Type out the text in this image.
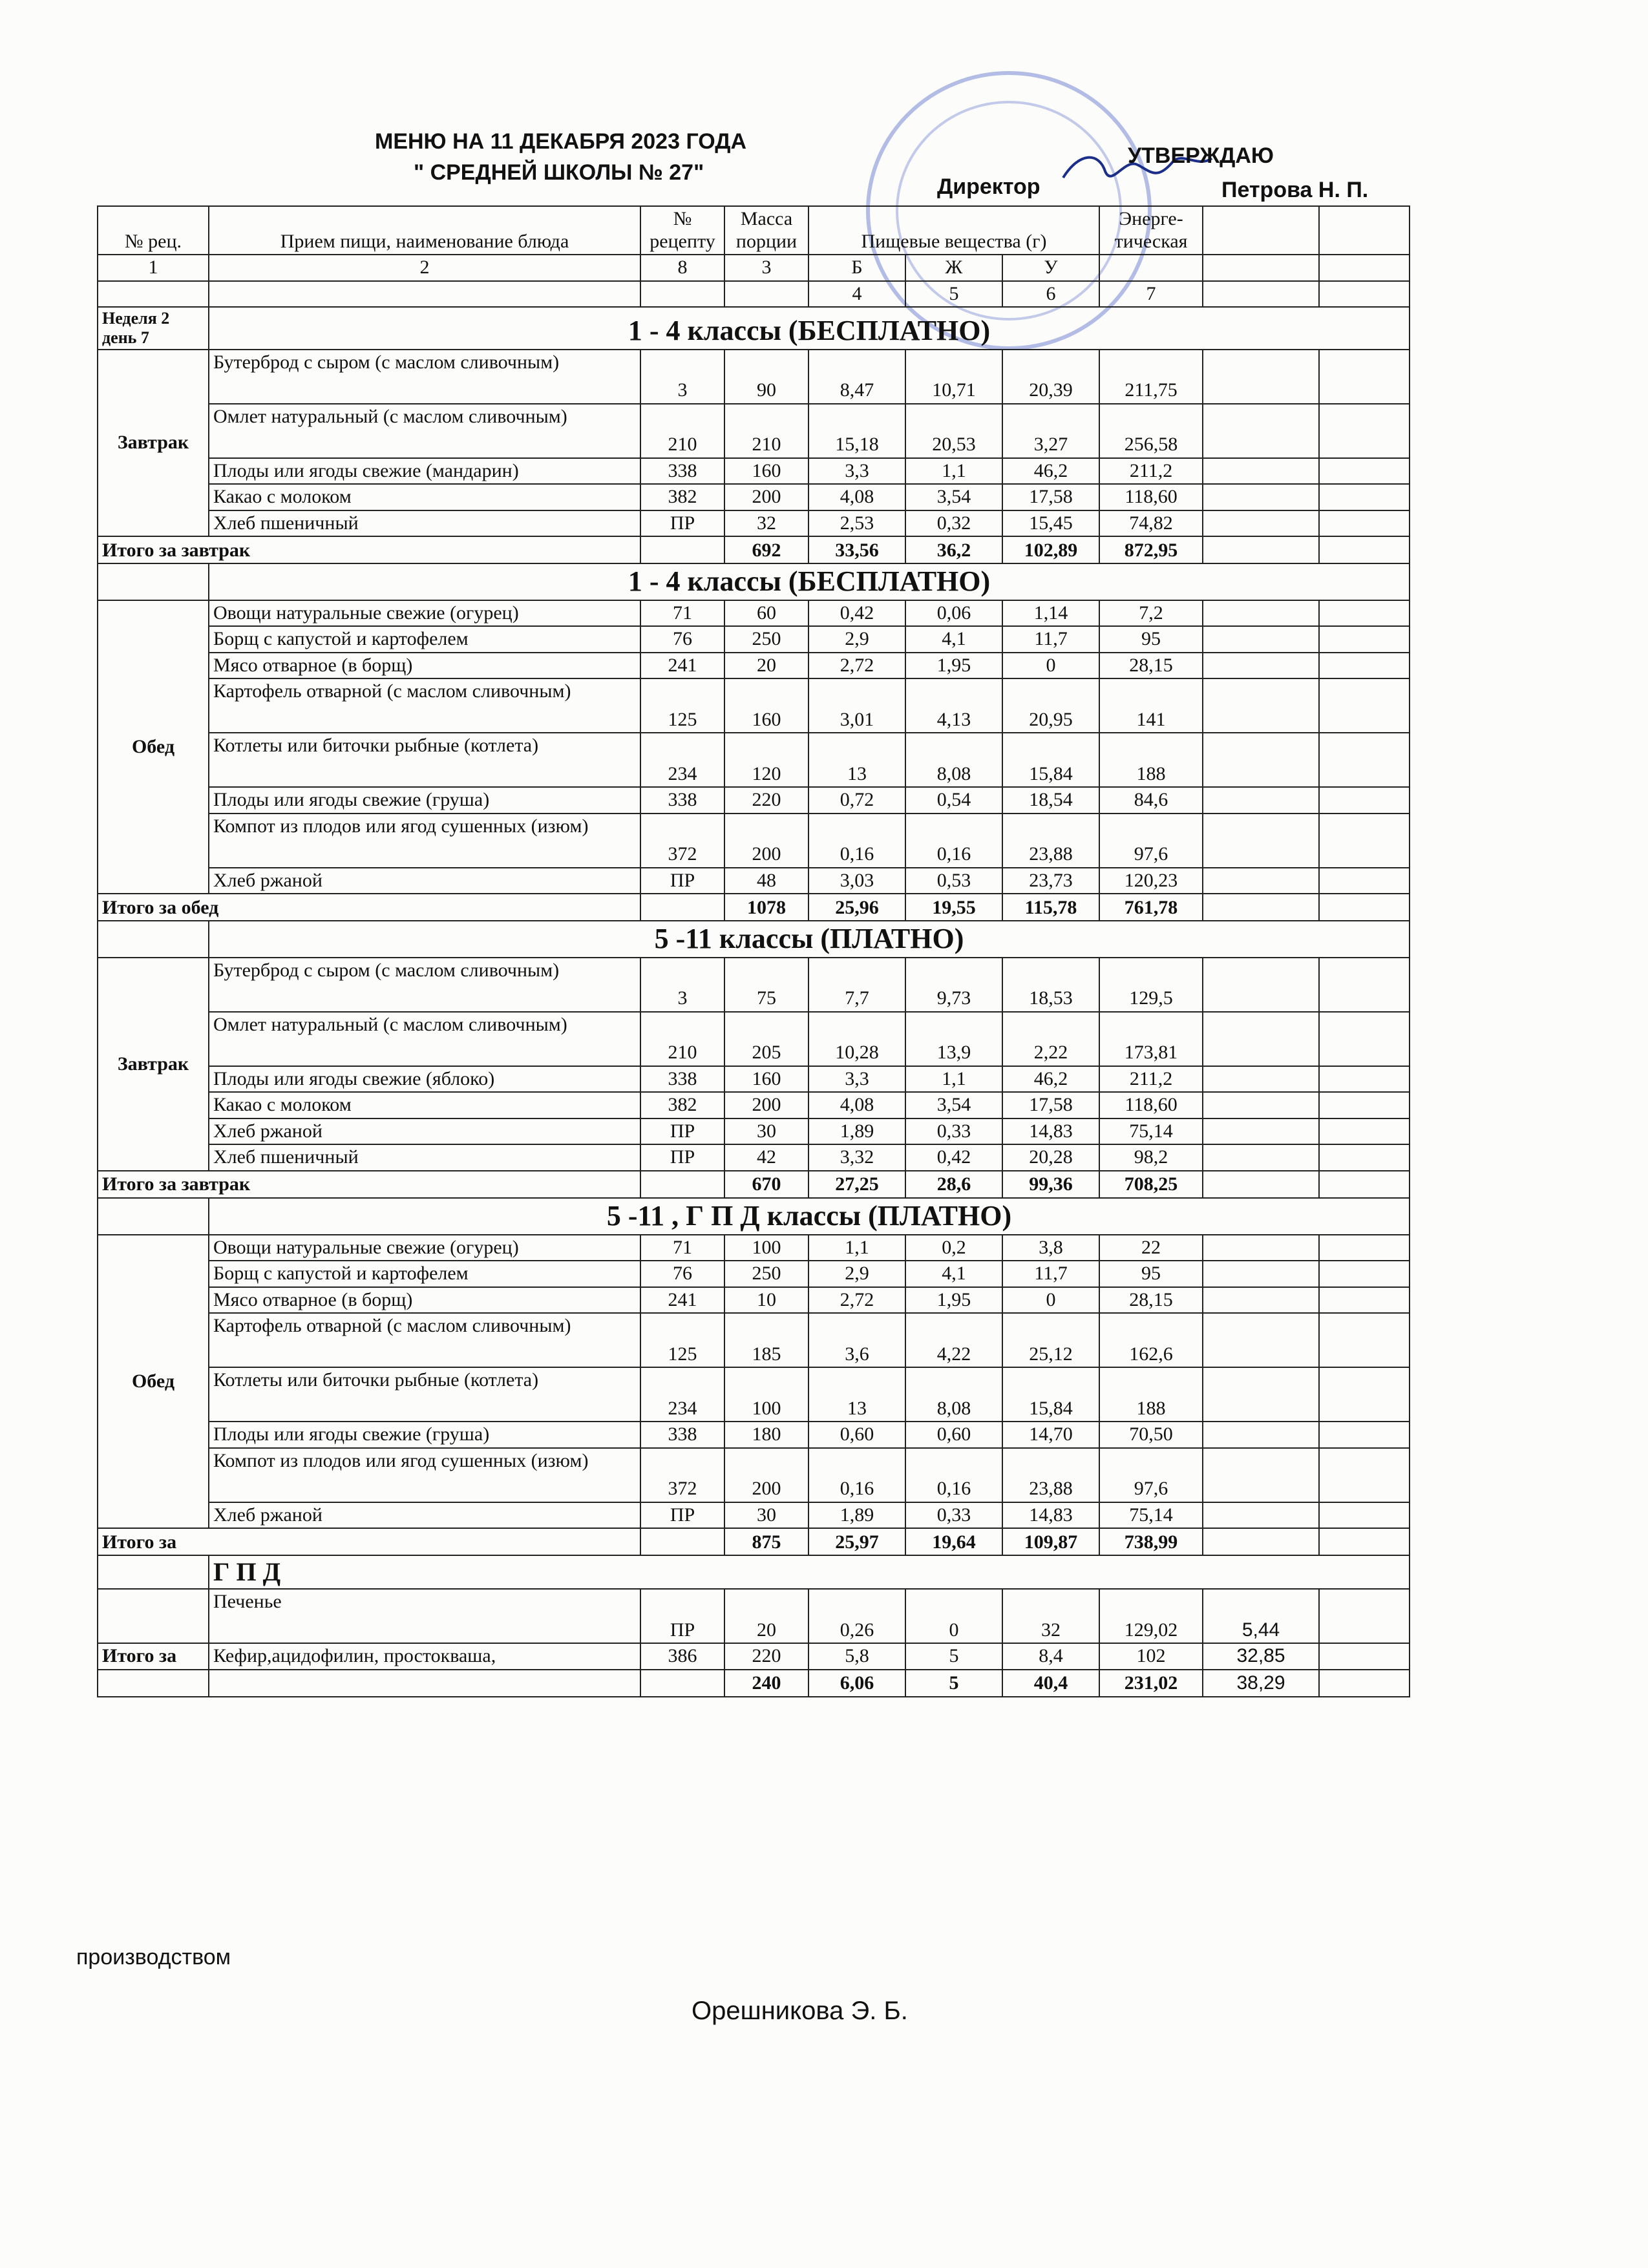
МЕНЮ НА 11 ДЕКАБРЯ 2023 ГОДА
" СРЕДНЕЙ ШКОЛЫ № 27"
УТВЕРЖДАЮ
Директор	Петрова Н. П.
№ рец.	Прием пищи, наименование блюда	№ рецепту	Масса порции	Пищевые вещества (г)			Энерге-тическая		
1	2	8	3	Б	Ж	У			
				4	5	6	7		
Неделя 2 день 7	1 - 4 классы (БЕСПЛАТНО)								
Завтрак	Бутерброд с сыром (с маслом сливочным)	3	90	8,47	10,71	20,39	211,75		
	Омлет натуральный (с маслом сливочным)	210	210	15,18	20,53	3,27	256,58		
	Плоды или ягоды свежие (мандарин)	338	160	3,3	1,1	46,2	211,2		
	Какао с молоком	382	200	4,08	3,54	17,58	118,60		
	Хлеб пшеничный	ПР	32	2,53	0,32	15,45	74,82		
Итого за завтрак			692	33,56	36,2	102,89	872,95		
	1 - 4 классы (БЕСПЛАТНО)								
Обед	Овощи натуральные свежие (огурец)	71	60	0,42	0,06	1,14	7,2		
	Борщ с капустой и картофелем	76	250	2,9	4,1	11,7	95		
	Мясо отварное (в борщ)	241	20	2,72	1,95	0	28,15		
	Картофель отварной (с маслом сливочным)	125	160	3,01	4,13	20,95	141		
	Котлеты или биточки рыбные (котлета)	234	120	13	8,08	15,84	188		
	Плоды или ягоды свежие (груша)	338	220	0,72	0,54	18,54	84,6		
	Компот из плодов или ягод сушенных (изюм)	372	200	0,16	0,16	23,88	97,6		
	Хлеб ржаной	ПР	48	3,03	0,53	23,73	120,23		
Итого за обед			1078	25,96	19,55	115,78	761,78		
	5 -11 классы (ПЛАТНО)								
Завтрак	Бутерброд с сыром (с маслом сливочным)	3	75	7,7	9,73	18,53	129,5		
	Омлет натуральный (с маслом сливочным)	210	205	10,28	13,9	2,22	173,81		
	Плоды или ягоды свежие (яблоко)	338	160	3,3	1,1	46,2	211,2		
	Какао с молоком	382	200	4,08	3,54	17,58	118,60		
	Хлеб ржаной	ПР	30	1,89	0,33	14,83	75,14		
	Хлеб пшеничный	ПР	42	3,32	0,42	20,28	98,2		
Итого за завтрак			670	27,25	28,6	99,36	708,25		
	5 -11 , Г П Д классы (ПЛАТНО)								
Обед	Овощи натуральные свежие (огурец)	71	100	1,1	0,2	3,8	22		
	Борщ с капустой и картофелем	76	250	2,9	4,1	11,7	95		
	Мясо отварное (в борщ)	241	10	2,72	1,95	0	28,15		
	Картофель отварной (с маслом сливочным)	125	185	3,6	4,22	25,12	162,6		
	Котлеты или биточки рыбные (котлета)	234	100	13	8,08	15,84	188		
	Плоды или ягоды свежие (груша)	338	180	0,60	0,60	14,70	70,50		
	Компот из плодов или ягод сушенных (изюм)	372	200	0,16	0,16	23,88	97,6		
	Хлеб ржаной	ПР	30	1,89	0,33	14,83	75,14		
Итого за			875	25,97	19,64	109,87	738,99		
	Г П Д								
	Печенье	ПР	20	0,26	0	32	129,02	5,44	
Итого за	Кефир,ацидофилин, простокваша,	386	220	5,8	5	8,4	102	32,85	
			240	6,06	5	40,4	231,02	38,29	
производством
Орешникова Э. Б.
